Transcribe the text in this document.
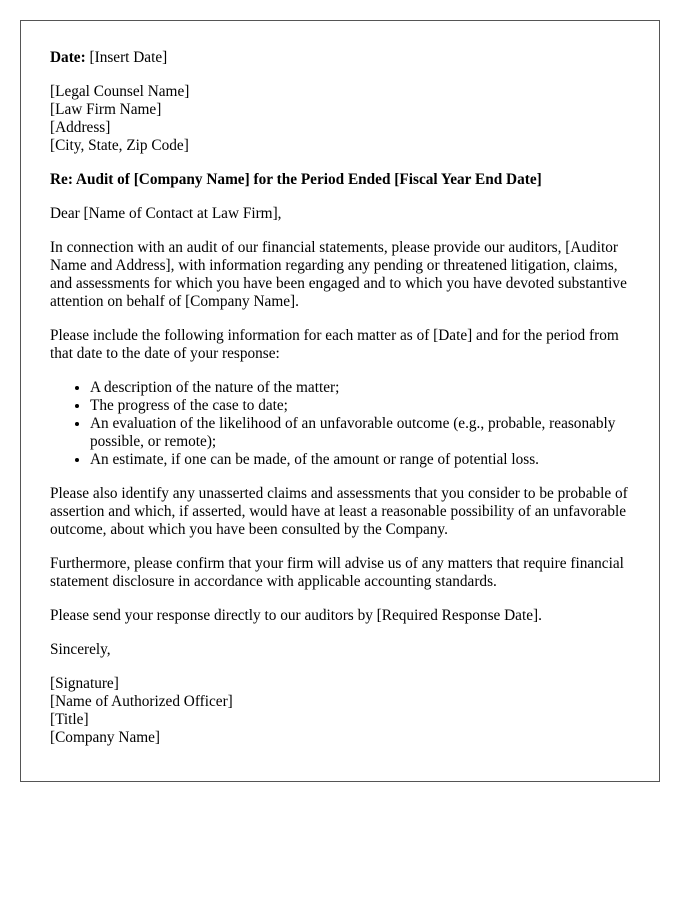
Date: [Insert Date]

[Legal Counsel Name]
[Law Firm Name]
[Address]
[City, State, Zip Code]

Re: Audit of [Company Name] for the Period Ended [Fiscal Year End Date]

Dear [Name of Contact at Law Firm],

In connection with an audit of our financial statements, please provide our auditors, [Auditor Name and Address], with information regarding any pending or threatened litigation, claims, and assessments for which you have been engaged and to which you have devoted substantive attention on behalf of [Company Name].

Please include the following information for each matter as of [Date] and for the period from that date to the date of your response:

• A description of the nature of the matter;
• The progress of the case to date;
• An evaluation of the likelihood of an unfavorable outcome (e.g., probable, reasonably possible, or remote);
• An estimate, if one can be made, of the amount or range of potential loss.

Please also identify any unasserted claims and assessments that you consider to be probable of assertion and which, if asserted, would have at least a reasonable possibility of an unfavorable outcome, about which you have been consulted by the Company.

Furthermore, please confirm that your firm will advise us of any matters that require financial statement disclosure in accordance with applicable accounting standards.

Please send your response directly to our auditors by [Required Response Date].

Sincerely,

[Signature]
[Name of Authorized Officer]
[Title]
[Company Name]
